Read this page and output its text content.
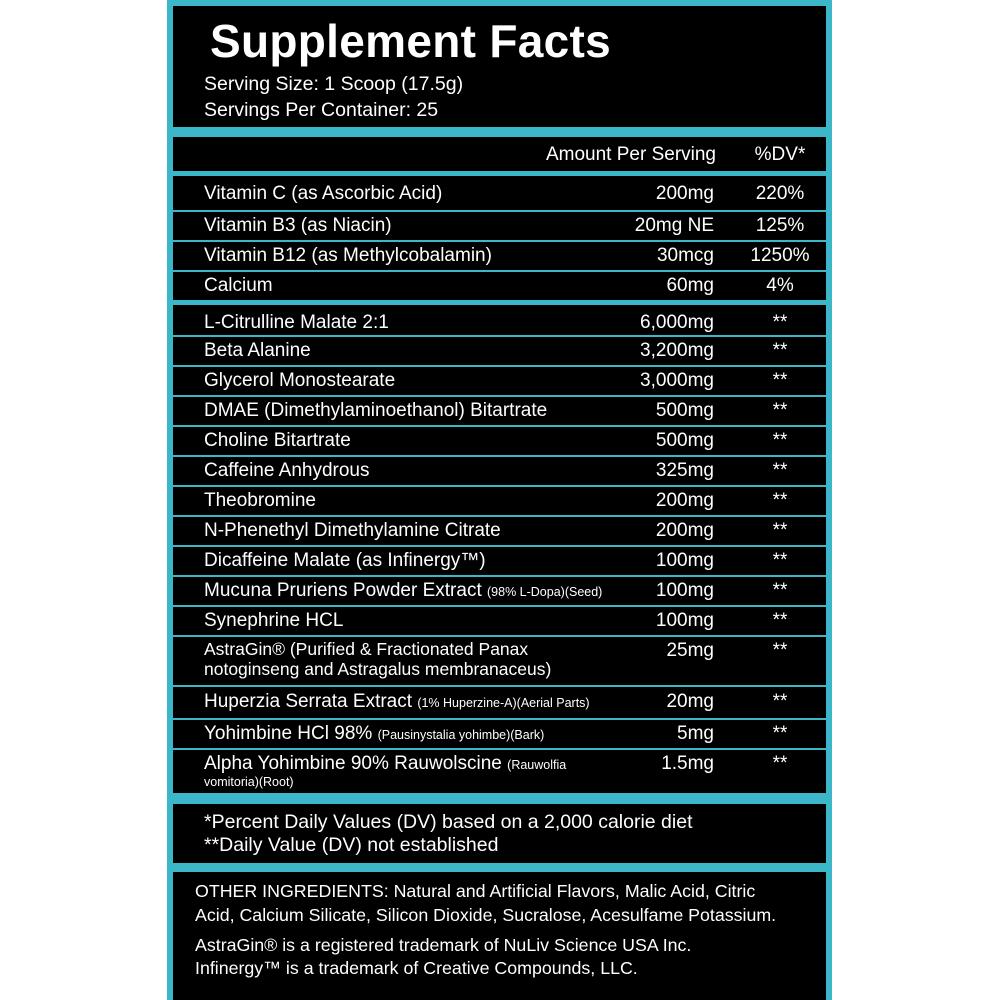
Supplement Facts
Serving Size: 1 Scoop (17.5g)
Servings Per Container: 25
Amount Per Serving	%DV*
Vitamin C (as Ascorbic Acid)	200mg	220%
Vitamin B3 (as Niacin)	20mg NE	125%
Vitamin B12 (as Methylcobalamin)	30mcg	1250%
Calcium	60mg	4%
L-Citrulline Malate 2:1	6,000mg	**
Beta Alanine	3,200mg	**
Glycerol Monostearate	3,000mg	**
DMAE (Dimethylaminoethanol) Bitartrate	500mg	**
Choline Bitartrate	500mg	**
Caffeine Anhydrous	325mg	**
Theobromine	200mg	**
N-Phenethyl Dimethylamine Citrate	200mg	**
Dicaffeine Malate (as Infinergy™)	100mg	**
Mucuna Pruriens Powder Extract (98% L-Dopa)(Seed)	100mg	**
Synephrine HCL	100mg	**
AstraGin® (Purified & Fractionated Panax
notoginseng and Astragalus membranaceus)
25mg	**
Huperzia Serrata Extract (1% Huperzine-A)(Aerial Parts)	20mg	**
Yohimbine HCl 98% (Pausinystalia yohimbe)(Bark)	5mg	**
Alpha Yohimbine 90% Rauwolscine (Rauwolfia
vomitoria)(Root)
1.5mg	**
*Percent Daily Values (DV) based on a 2,000 calorie diet
**Daily Value (DV) not established
OTHER INGREDIENTS: Natural and Artificial Flavors, Malic Acid, Citric
Acid, Calcium Silicate, Silicon Dioxide, Sucralose, Acesulfame Potassium.
AstraGin® is a registered trademark of NuLiv Science USA Inc.
Infinergy™ is a trademark of Creative Compounds, LLC.
